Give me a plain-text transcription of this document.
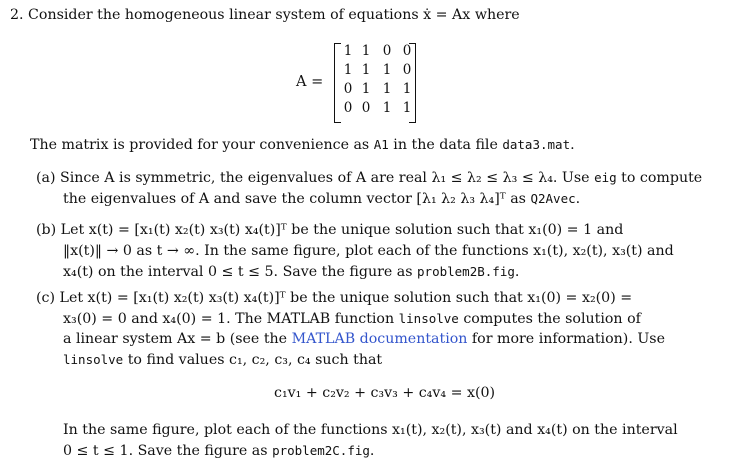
2. Consider the homogeneous linear system of equations ẋ = Ax where
A =
1 1 0 0
1 1 1 0
0 1 1 1
0 0 1 1
The matrix is provided for your convenience as A1 in the data file data3.mat.
(a) Since A is symmetric, the eigenvalues of A are real λ₁ ≤ λ₂ ≤ λ₃ ≤ λ₄. Use eig to compute
the eigenvalues of A and save the column vector [λ₁ λ₂ λ₃ λ₄]ᵀ as Q2Avec.
(b) Let x(t) = [x₁(t) x₂(t) x₃(t) x₄(t)]ᵀ be the unique solution such that x₁(0) = 1 and
‖x(t)‖ → 0 as t → ∞. In the same figure, plot each of the functions x₁(t), x₂(t), x₃(t) and
x₄(t) on the interval 0 ≤ t ≤ 5. Save the figure as problem2B.fig.
(c) Let x(t) = [x₁(t) x₂(t) x₃(t) x₄(t)]ᵀ be the unique solution such that x₁(0) = x₂(0) =
x₃(0) = 0 and x₄(0) = 1. The MATLAB function linsolve computes the solution of
a linear system Ax = b (see the MATLAB documentation for more information). Use
linsolve to find values c₁, c₂, c₃, c₄ such that
c₁v₁ + c₂v₂ + c₃v₃ + c₄v₄ = x(0)
In the same figure, plot each of the functions x₁(t), x₂(t), x₃(t) and x₄(t) on the interval
0 ≤ t ≤ 1. Save the figure as problem2C.fig.
